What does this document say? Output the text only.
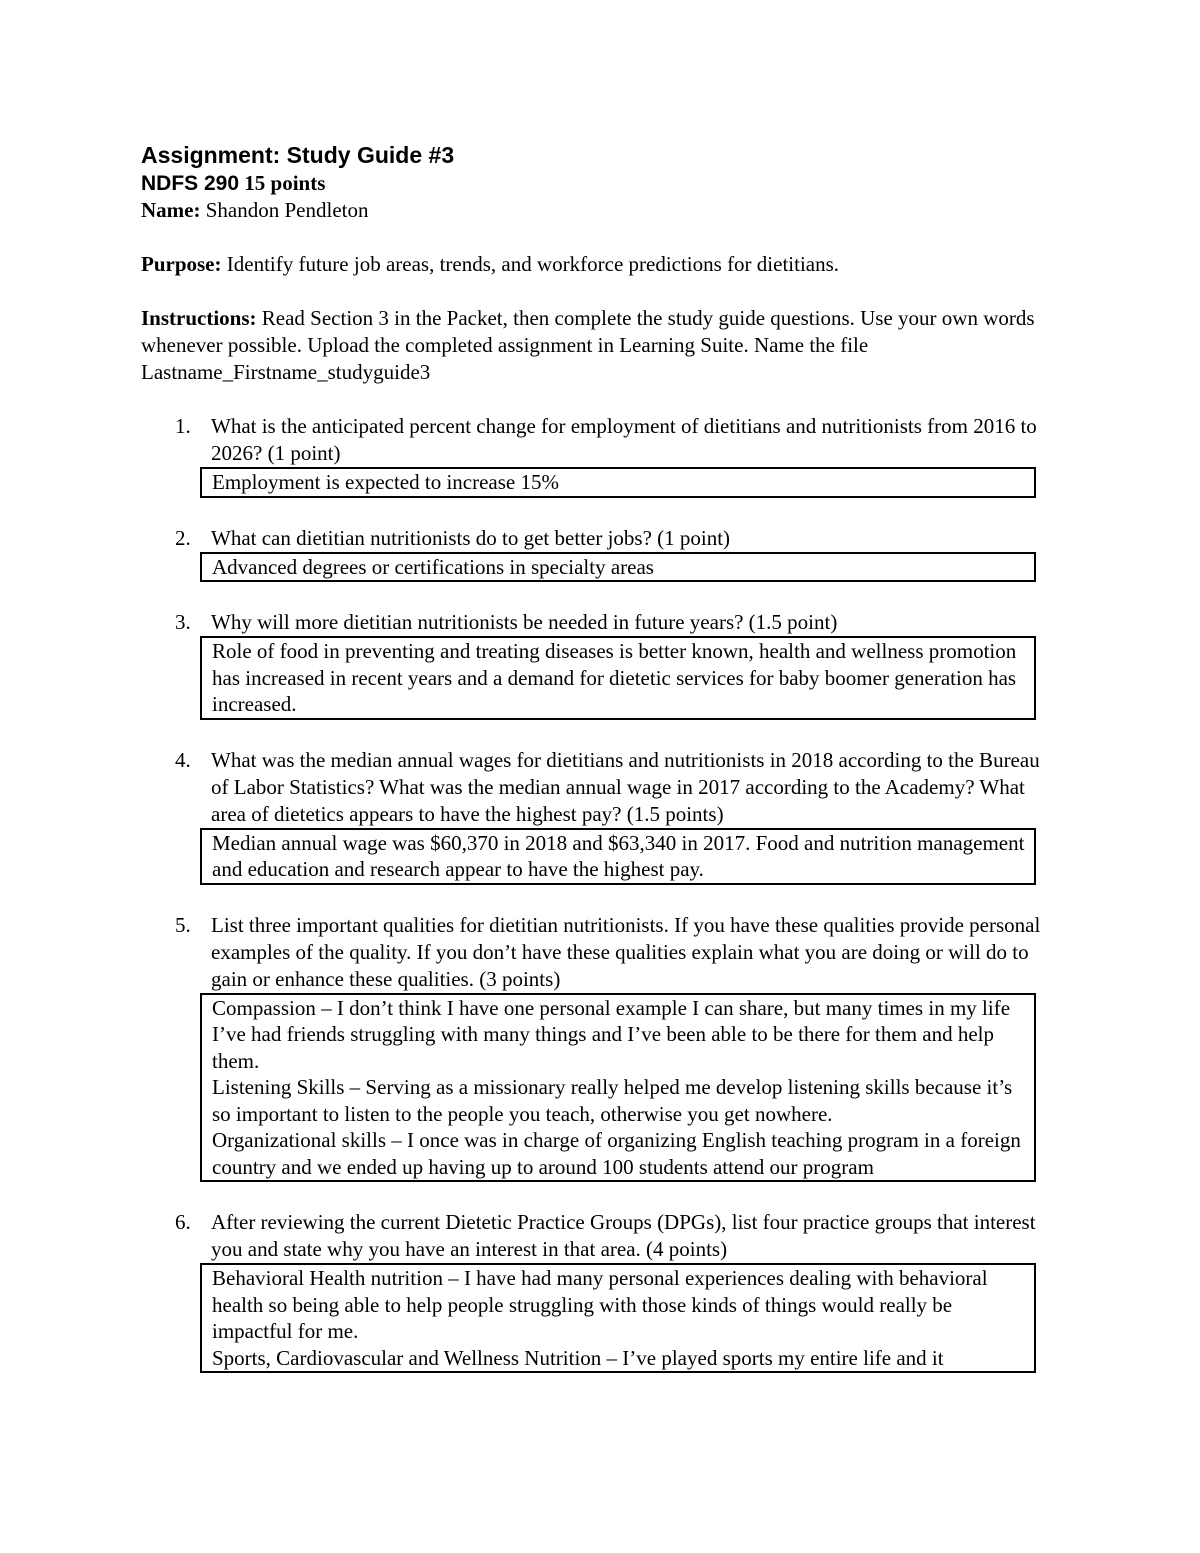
Assignment: Study Guide #3
NDFS 290 15 points
Name: Shandon Pendleton
Purpose: Identify future job areas, trends, and workforce predictions for dietitians.
Instructions: Read Section 3 in the Packet, then complete the study guide questions. Use your own words whenever possible. Upload the completed assignment in Learning Suite. Name the file Lastname_Firstname_studyguide3
1. What is the anticipated percent change for employment of dietitians and nutritionists from 2016 to 2026? (1 point)

Employment is expected to increase 15%

2. What can dietitian nutritionists do to get better jobs? (1 point)

Advanced degrees or certifications in specialty areas

3. Why will more dietitian nutritionists be needed in future years? (1.5 point)

Role of food in preventing and treating diseases is better known, health and wellness promotion has increased in recent years and a demand for dietetic services for baby boomer generation has increased.

4. What was the median annual wages for dietitians and nutritionists in 2018 according to the Bureau of Labor Statistics? What was the median annual wage in 2017 according to the Academy? What area of dietetics appears to have the highest pay? (1.5 points)

Median annual wage was $60,370 in 2018 and $63,340 in 2017. Food and nutrition management and education and research appear to have the highest pay.

5. List three important qualities for dietitian nutritionists. If you have these qualities provide personal examples of the quality. If you don’t have these qualities explain what you are doing or will do to gain or enhance these qualities. (3 points)

Compassion – I don’t think I have one personal example I can share, but many times in my life I’ve had friends struggling with many things and I’ve been able to be there for them and help them.

Listening Skills – Serving as a missionary really helped me develop listening skills because it’s so important to listen to the people you teach, otherwise you get nowhere.

Organizational skills – I once was in charge of organizing English teaching program in a foreign country and we ended up having up to around 100 students attend our program

6. After reviewing the current Dietetic Practice Groups (DPGs), list four practice groups that interest you and state why you have an interest in that area. (4 points)

Behavioral Health nutrition – I have had many personal experiences dealing with behavioral health so being able to help people struggling with those kinds of things would really be impactful for me.

Sports, Cardiovascular and Wellness Nutrition – I’ve played sports my entire life and it
